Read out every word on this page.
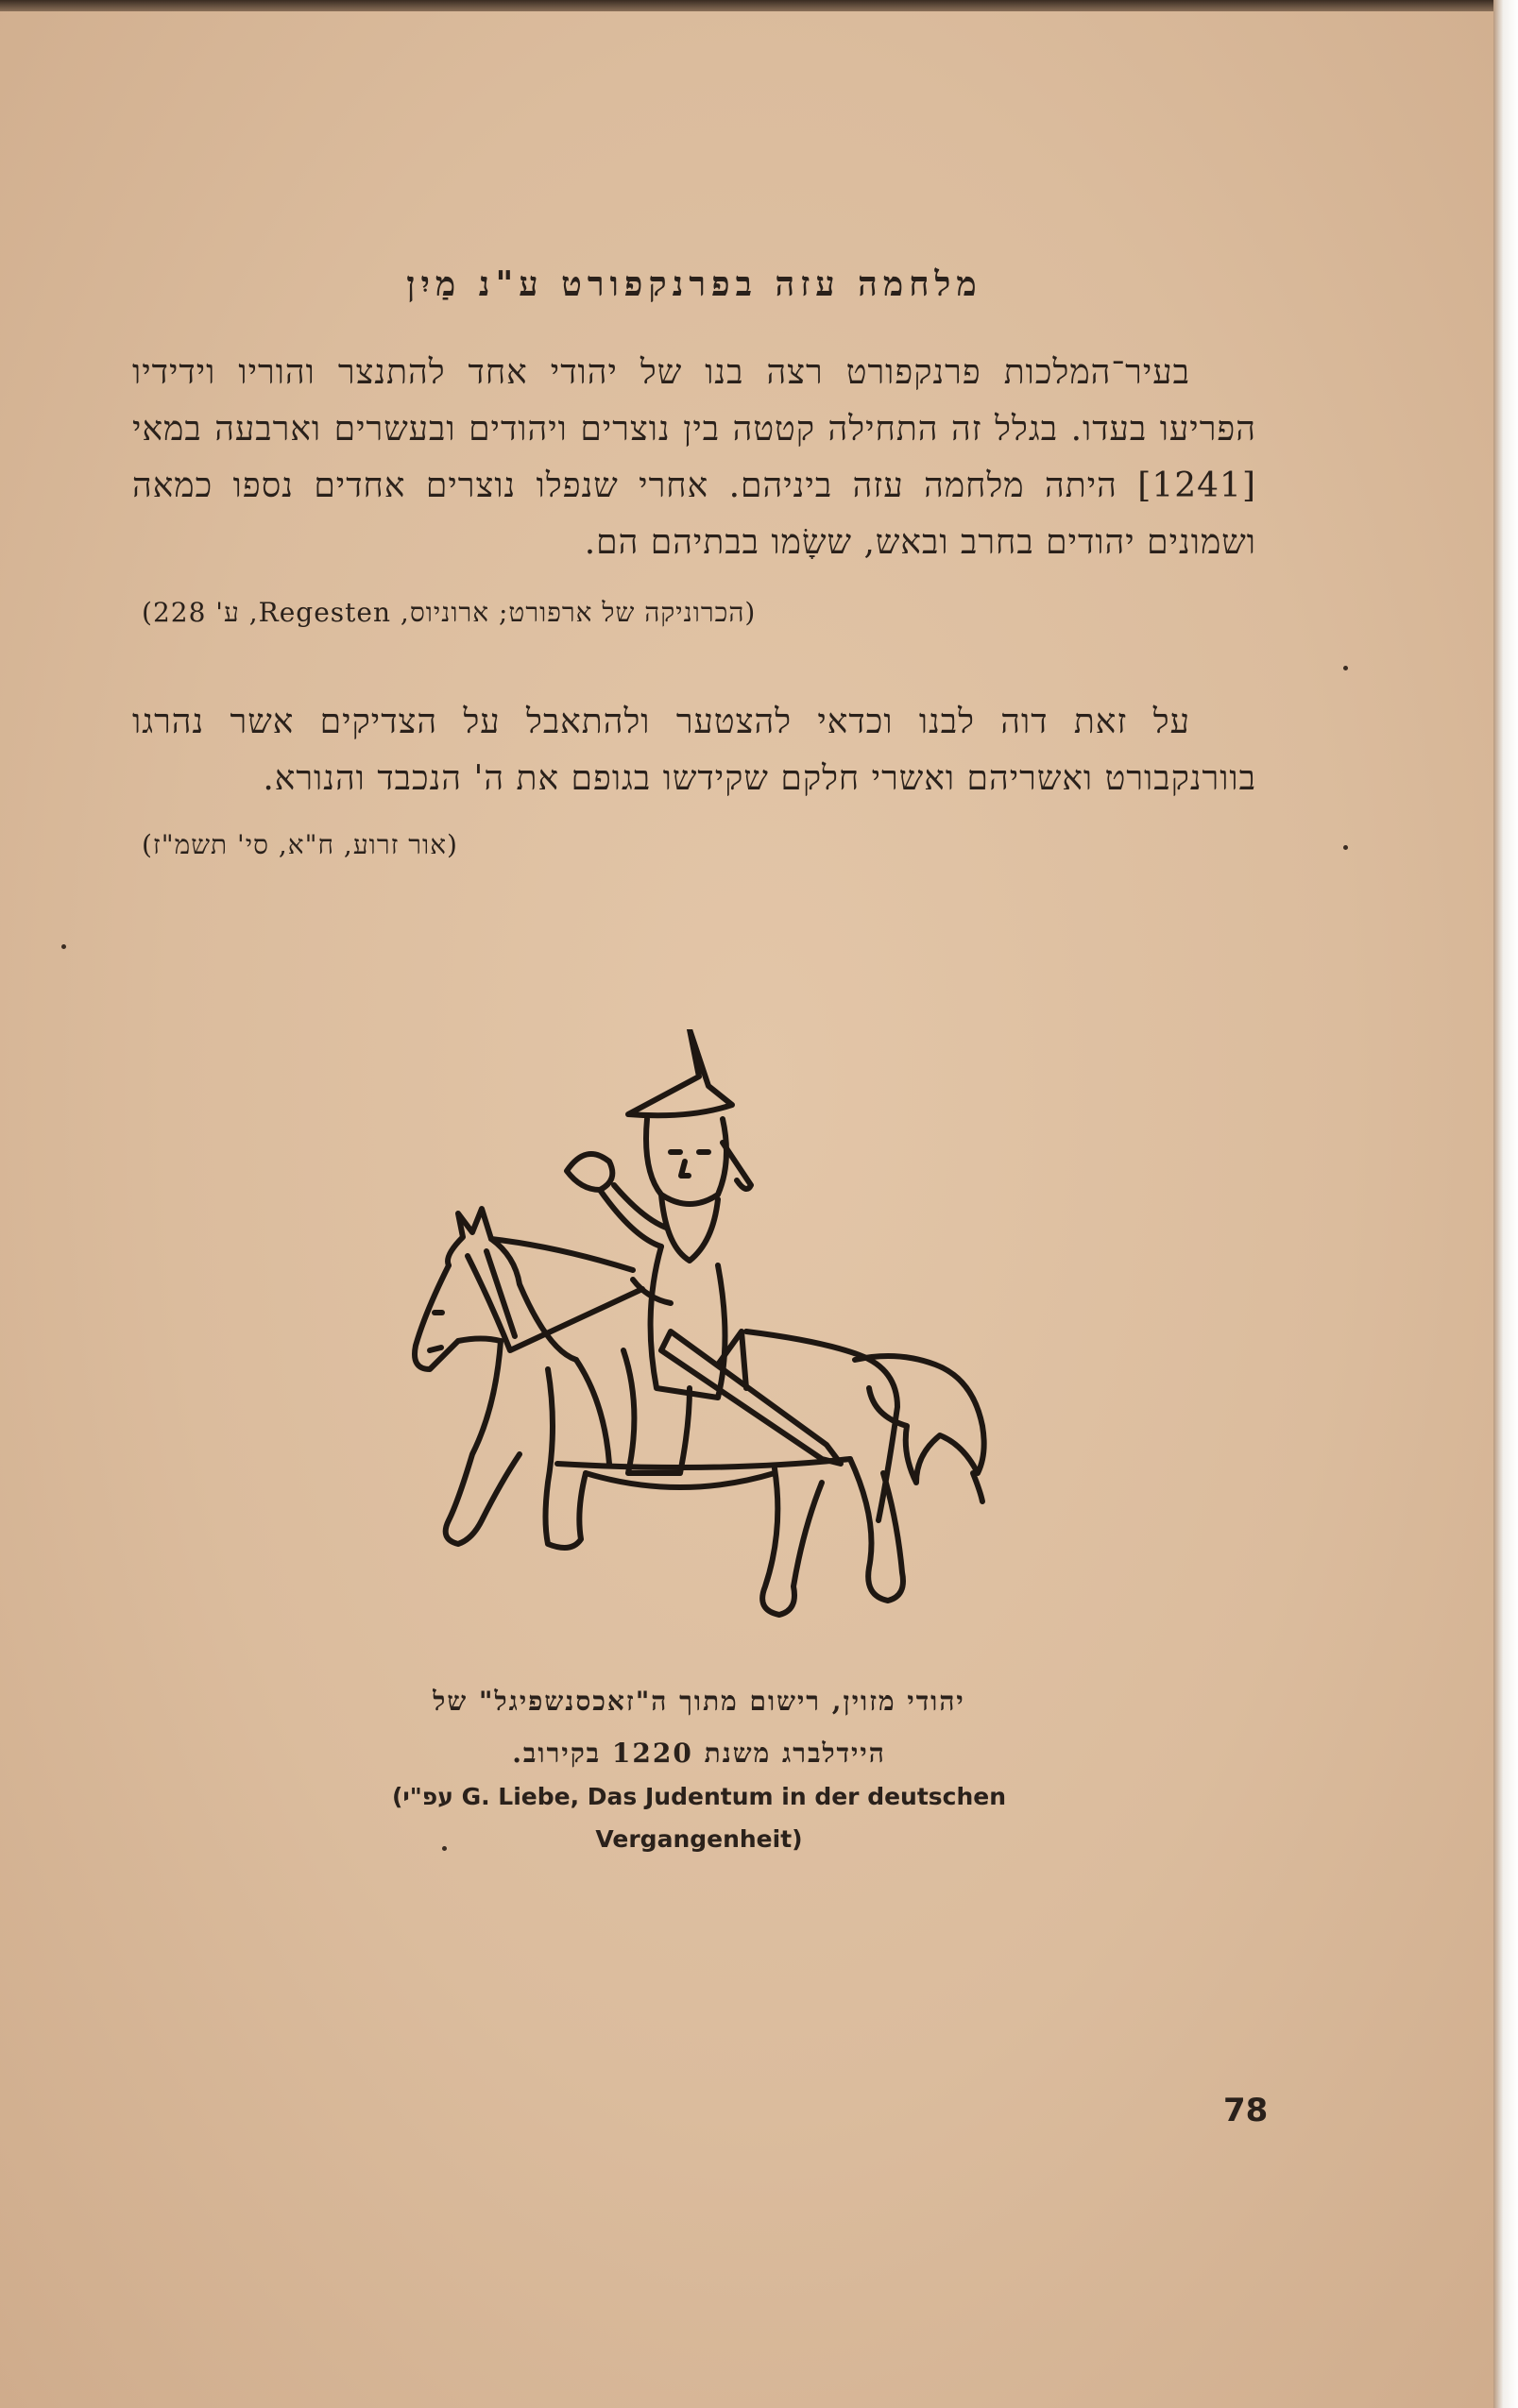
מלחמה עזה בפרנקפורט ע"נ מַיִן
בעיר־המלכות פרנקפורט רצה בנו של יהודי אחד להתנצר והוריו וידידיו הפריעו בעדו. בגלל זה התחילה קטטה בין נוצרים ויהודים ובעשרים וארבעה במאי [1241] היתה מלחמה עזה ביניהם. אחרי שנפלו נוצרים אחדים נספו כמאה ושמונים יהודים בחרב ובאש, ששָׂמו בבתיהם הם.
(הכרוניקה של ארפורט; ארוניוס, Regesten, ע' 228)
על זאת דוה לבנו וכדאי להצטער ולהתאבל על הצדיקים אשר נהרגו בוורנקבורט ואשריהם ואשרי חלקם שקידשו בגופם את ה' הנכבד והנורא.
(אור זרוע, ח"א, סי' תשמ"ז)
יהודי מזוין, רישום מתוך ה"זאכסנשפיגל" של
היידלברג משנת 1220 בקירוב.
(עפ"י G. Liebe, Das Judentum in der deutschen
Vergangenheit)
78
